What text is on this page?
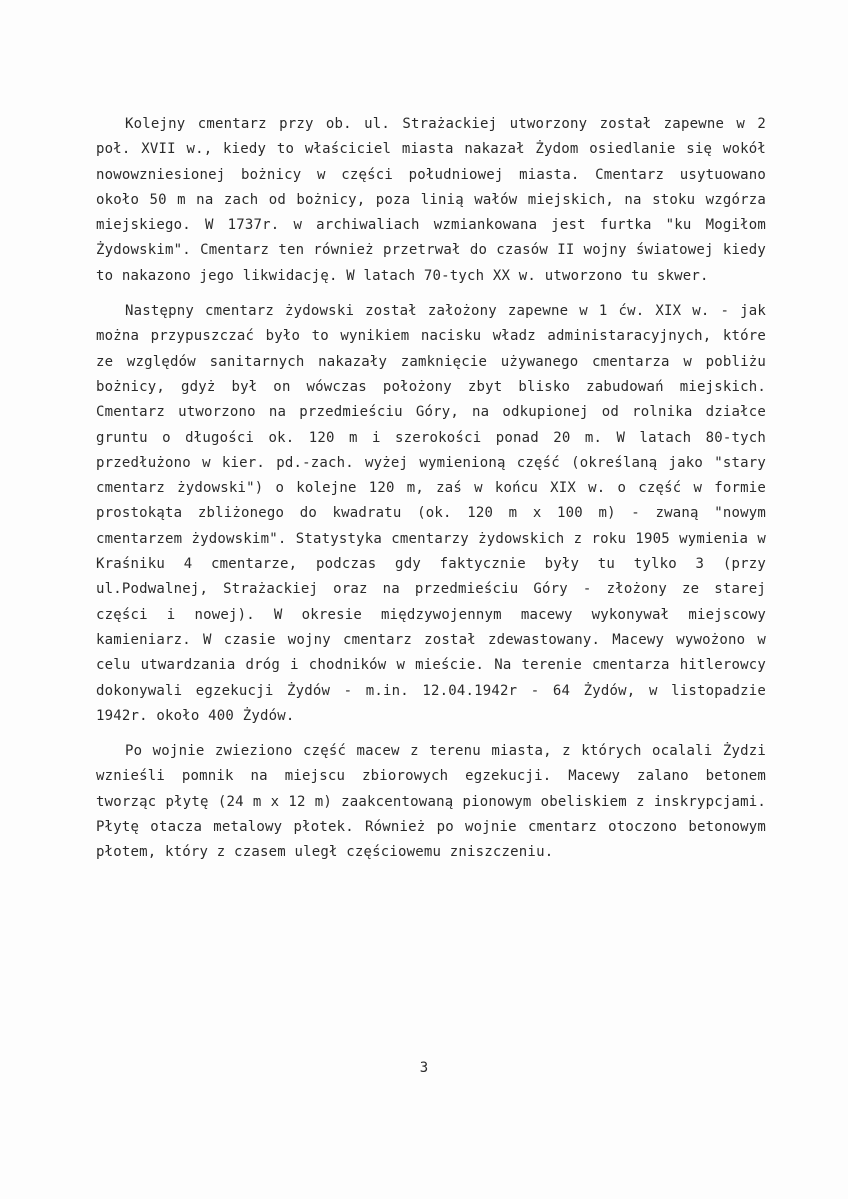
Kolejny cmentarz przy ob. ul. Strażackiej utworzony został zapewne w 2 poł. XVII w., kiedy to właściciel miasta nakazał Żydom osiedlanie się wokół nowowzniesionej bożnicy w części południowej miasta. Cmentarz usytuowano około 50 m na zach od bożnicy, poza linią wałów miejskich, na stoku wzgórza miejskiego. W 1737r. w archiwaliach wzmiankowana jest furtka "ku Mogiłom Żydowskim". Cmentarz ten również przetrwał do czasów II wojny światowej kiedy to nakazono jego likwidację. W latach 70-tych XX w. utworzono tu skwer.

Następny cmentarz żydowski został założony zapewne w 1 ćw. XIX w. - jak można przypuszczać było to wynikiem nacisku władz administaracyjnych, które ze względów sanitarnych nakazały zamknięcie używanego cmentarza w pobliżu bożnicy, gdyż był on wówczas położony zbyt blisko zabudowań miejskich. Cmentarz utworzono na przedmieściu Góry, na odkupionej od rolnika działce gruntu o długości ok. 120 m i szerokości ponad 20 m. W latach 80-tych przedłużono w kier. pd.-zach. wyżej wymienioną część (określaną jako "stary cmentarz żydowski") o kolejne 120 m, zaś w końcu XIX w. o część w formie prostokąta zbliżonego do kwadratu (ok. 120 m x 100 m) - zwaną "nowym cmentarzem żydowskim". Statystyka cmentarzy żydowskich z roku 1905 wymienia w Kraśniku 4 cmentarze, podczas gdy faktycznie były tu tylko 3 (przy ul.Podwalnej, Strażackiej oraz na przedmieściu Góry - złożony ze starej części i nowej). W okresie międzywojennym macewy wykonywał miejscowy kamieniarz. W czasie wojny cmentarz został zdewastowany. Macewy wywożono w celu utwardzania dróg i chodników w mieście. Na terenie cmentarza hitlerowcy dokonywali egzekucji Żydów - m.in. 12.04.1942r - 64 Żydów, w listopadzie 1942r. około 400 Żydów.

Po wojnie zwieziono część macew z terenu miasta, z których ocalali Żydzi wznieśli pomnik na miejscu zbiorowych egzekucji. Macewy zalano betonem tworząc płytę (24 m x 12 m) zaakcentowaną pionowym obeliskiem z inskrypcjami. Płytę otacza metalowy płotek. Również po wojnie cmentarz otoczono betonowym płotem, który z czasem uległ częściowemu zniszczeniu.

3
